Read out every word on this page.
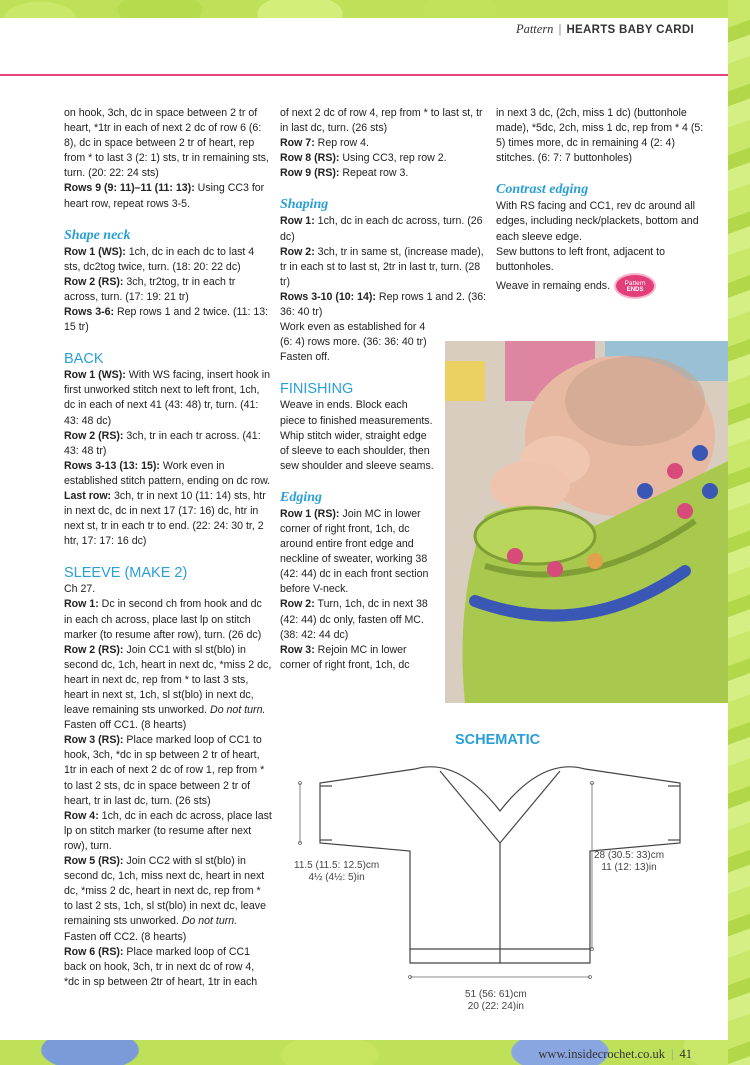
Pattern | HEARTS BABY CARDI

on hook, 3ch, dc in space between 2 tr of heart, *1tr in each of next 2 dc of row 6 (6: 8), dc in space between 2 tr of heart, rep from * to last 3 (2: 1) sts, tr in remaining sts, turn. (20: 22: 24 sts)

Rows 9 (9: 11)–11 (11: 13): Using CC3 for heart row, repeat rows 3-5.

Shape neck

Row 1 (WS): 1ch, dc in each dc to last 4 sts, dc2tog twice, turn. (18: 20: 22 dc)

Row 2 (RS): 3ch, tr2tog, tr in each tr across, turn. (17: 19: 21 tr)

Rows 3-6: Rep rows 1 and 2 twice. (11: 13: 15 tr)

BACK

Row 1 (WS): With WS facing, insert hook in first unworked stitch next to left front, 1ch, dc in each of next 41 (43: 48) tr, turn. (41: 43: 48 dc)

Row 2 (RS): 3ch, tr in each tr across. (41: 43: 48 tr)

Rows 3-13 (13: 15): Work even in established stitch pattern, ending on dc row.

Last row: 3ch, tr in next 10 (11: 14) sts, htr in next dc, dc in next 17 (17: 16) dc, htr in next st, tr in each tr to end. (22: 24: 30 tr, 2 htr, 17: 17: 16 dc)

SLEEVE (MAKE 2)

Ch 27.

Row 1: Dc in second ch from hook and dc in each ch across, place last lp on stitch marker (to resume after row), turn. (26 dc)

Row 2 (RS): Join CC1 with sl st(blo) in second dc, 1ch, heart in next dc, *miss 2 dc, heart in next dc, rep from * to last 3 sts, heart in next st, 1ch, sl st(blo) in next dc, leave remaining sts unworked. Do not turn. Fasten off CC1. (8 hearts)

Row 3 (RS): Place marked loop of CC1 to hook, 3ch, *dc in sp between 2 tr of heart, 1tr in each of next 2 dc of row 1, rep from * to last 2 sts, dc in space between 2 tr of heart, tr in last dc, turn. (26 sts)

Row 4: 1ch, dc in each dc across, place last lp on stitch marker (to resume after next row), turn.

Row 5 (RS): Join CC2 with sl st(blo) in second dc, 1ch, miss next dc, heart in next dc, *miss 2 dc, heart in next dc, rep from * to last 2 sts, 1ch, sl st(blo) in next dc, leave remaining sts unworked. Do not turn. Fasten off CC2. (8 hearts)

Row 6 (RS): Place marked loop of CC1 back on hook, 3ch, tr in next dc of row 4, *dc in sp between 2tr of heart, 1tr in each

of next 2 dc of row 4, rep from * to last st, tr in last dc, turn. (26 sts)

Row 7: Rep row 4.

Row 8 (RS): Using CC3, rep row 2.

Row 9 (RS): Repeat row 3.

Shaping

Row 1: 1ch, dc in each dc across, turn. (26 dc)

Row 2: 3ch, tr in same st, (increase made), tr in each st to last st, 2tr in last tr, turn. (28 tr)

Rows 3-10 (10: 14): Rep rows 1 and 2. (36: 36: 40 tr)

Work even as established for 4 (6: 4) rows more. (36: 36: 40 tr) Fasten off.

FINISHING

Weave in ends. Block each piece to finished measurements. Whip stitch wider, straight edge of sleeve to each shoulder, then sew shoulder and sleeve seams.

Edging

Row 1 (RS): Join MC in lower corner of right front, 1ch, dc around entire front edge and neckline of sweater, working 38 (42: 44) dc in each front section before V-neck.

Row 2: Turn, 1ch, dc in next 38 (42: 44) dc only, fasten off MC. (38: 42: 44 dc)

Row 3: Rejoin MC in lower corner of right front, 1ch, dc

in next 3 dc, (2ch, miss 1 dc) (buttonhole made), *5dc, 2ch, miss 1 dc, rep from * 4 (5: 5) times more, dc in remaining 4 (2: 4) stitches. (6: 7: 7 buttonholes)

Contrast edging

With RS facing and CC1, rev dc around all edges, including neck/plackets, bottom and each sleeve edge.

Sew buttons to left front, adjacent to buttonholes.

Weave in remaing ends.	Pattern
ENDS

SCHEMATIC
11.5 (11.5: 12.5)cm
4½ (4½: 5)in
28 (30.5: 33)cm
11 (12: 13)in
51 (56: 61)cm
20 (22: 24)in
www.insidecrochet.co.uk | 41
